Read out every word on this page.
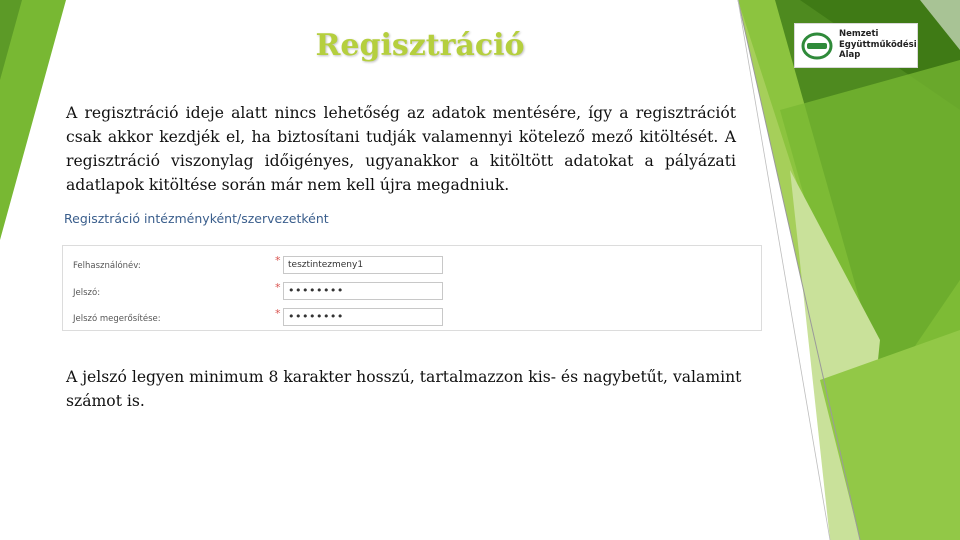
Nemzeti
Együttműködési
Alap
Regisztráció
A regisztráció ideje alatt nincs lehetőség az adatok mentésére, így a regisztrációt csak akkor kezdjék el, ha biztosítani tudják valamennyi kötelező mező kitöltését. A regisztráció viszonylag időigényes, ugyanakkor a kitöltött adatokat a pályázati adatlapok kitöltése során már nem kell újra megadniuk.
Regisztráció intézményként/szervezetként
Felhasználónév:	* tesztintezmeny1
Jelszó:	* ••••••••
Jelszó megerősítése:	* ••••••••
A jelszó legyen minimum 8 karakter hosszú, tartalmazzon kis- és nagybetűt, valamint számot is.
